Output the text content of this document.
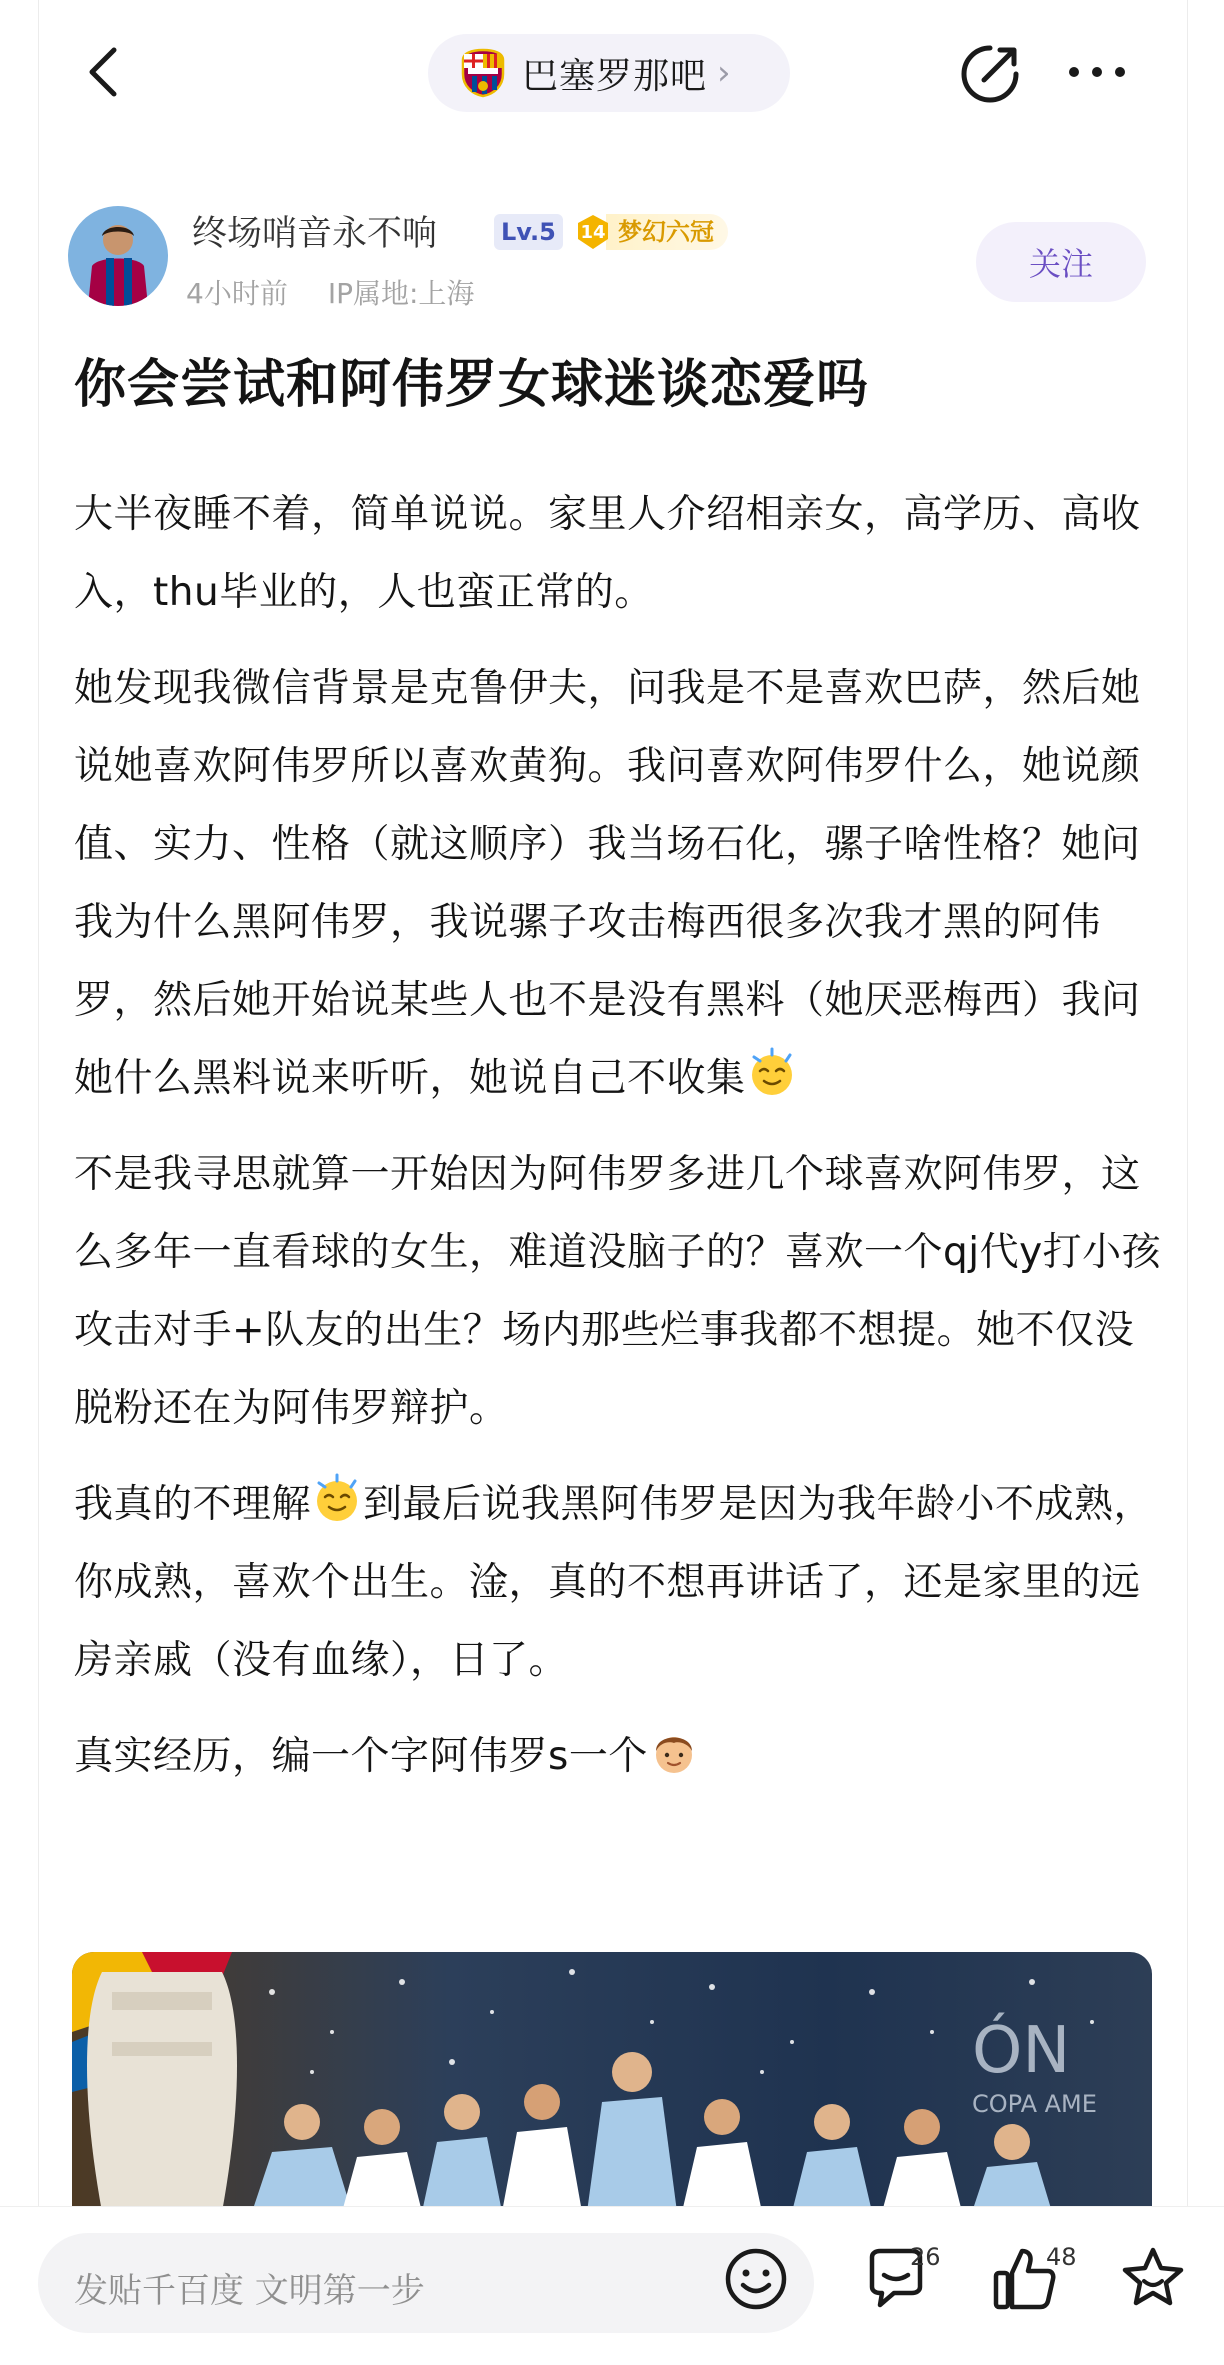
巴塞罗那吧 ›
终场哨音永不响	Lv.5	14 梦幻六冠
4小时前 IP属地:上海
关注
你会尝试和阿伟罗女球迷谈恋爱吗

大半夜睡不着，简单说说。家里人介绍相亲女，高学历、高收入，thu毕业的，人也蛮正常的。

她发现我微信背景是克鲁伊夫，问我是不是喜欢巴萨，然后她说她喜欢阿伟罗所以喜欢黄狗。我问喜欢阿伟罗什么，她说颜值、实力、性格（就这顺序）我当场石化，骡子啥性格？她问我为什么黑阿伟罗，我说骡子攻击梅西很多次我才黑的阿伟罗，然后她开始说某些人也不是没有黑料（她厌恶梅西）我问她什么黑料说来听听，她说自己不收集

不是我寻思就算一开始因为阿伟罗多进几个球喜欢阿伟罗，这么多年一直看球的女生，难道没脑子的？喜欢一个qj代y打小孩攻击对手+队友的出生？场内那些烂事我都不想提。她不仅没脱粉还在为阿伟罗辩护。

我真的不理解 到最后说我黑阿伟罗是因为我年龄小不成熟，你成熟，喜欢个出生。淦，真的不想再讲话了，还是家里的远房亲戚（没有血缘），日了。

真实经历，编一个字阿伟罗s一个

ÓN
COPA AME
发贴千百度 文明第一步
26	48
